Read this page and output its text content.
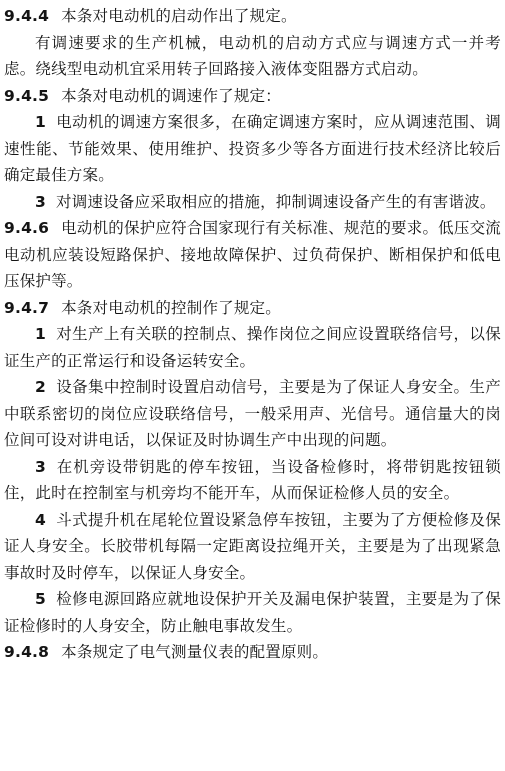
9.4.4 本条对电动机的启动作出了规定。

有调速要求的生产机械，电动机的启动方式应与调速方式一并考虑。绕线型电动机宜采用转子回路接入液体变阻器方式启动。

9.4.5 本条对电动机的调速作了规定：

1 电动机的调速方案很多，在确定调速方案时，应从调速范围、调速性能、节能效果、使用维护、投资多少等各方面进行技术经济比较后确定最佳方案。

3 对调速设备应采取相应的措施，抑制调速设备产生的有害谐波。

9.4.6 电动机的保护应符合国家现行有关标准、规范的要求。低压交流电动机应装设短路保护、接地故障保护、过负荷保护、断相保护和低电压保护等。

9.4.7 本条对电动机的控制作了规定。

1 对生产上有关联的控制点、操作岗位之间应设置联络信号，以保证生产的正常运行和设备运转安全。

2 设备集中控制时设置启动信号，主要是为了保证人身安全。生产中联系密切的岗位应设联络信号，一般采用声、光信号。通信量大的岗位间可设对讲电话，以保证及时协调生产中出现的问题。

3 在机旁设带钥匙的停车按钮，当设备检修时，将带钥匙按钮锁住，此时在控制室与机旁均不能开车，从而保证检修人员的安全。

4 斗式提升机在尾轮位置设紧急停车按钮，主要为了方便检修及保证人身安全。长胶带机每隔一定距离设拉绳开关，主要是为了出现紧急事故时及时停车，以保证人身安全。

5 检修电源回路应就地设保护开关及漏电保护装置，主要是为了保证检修时的人身安全，防止触电事故发生。

9.4.8 本条规定了电气测量仪表的配置原则。
